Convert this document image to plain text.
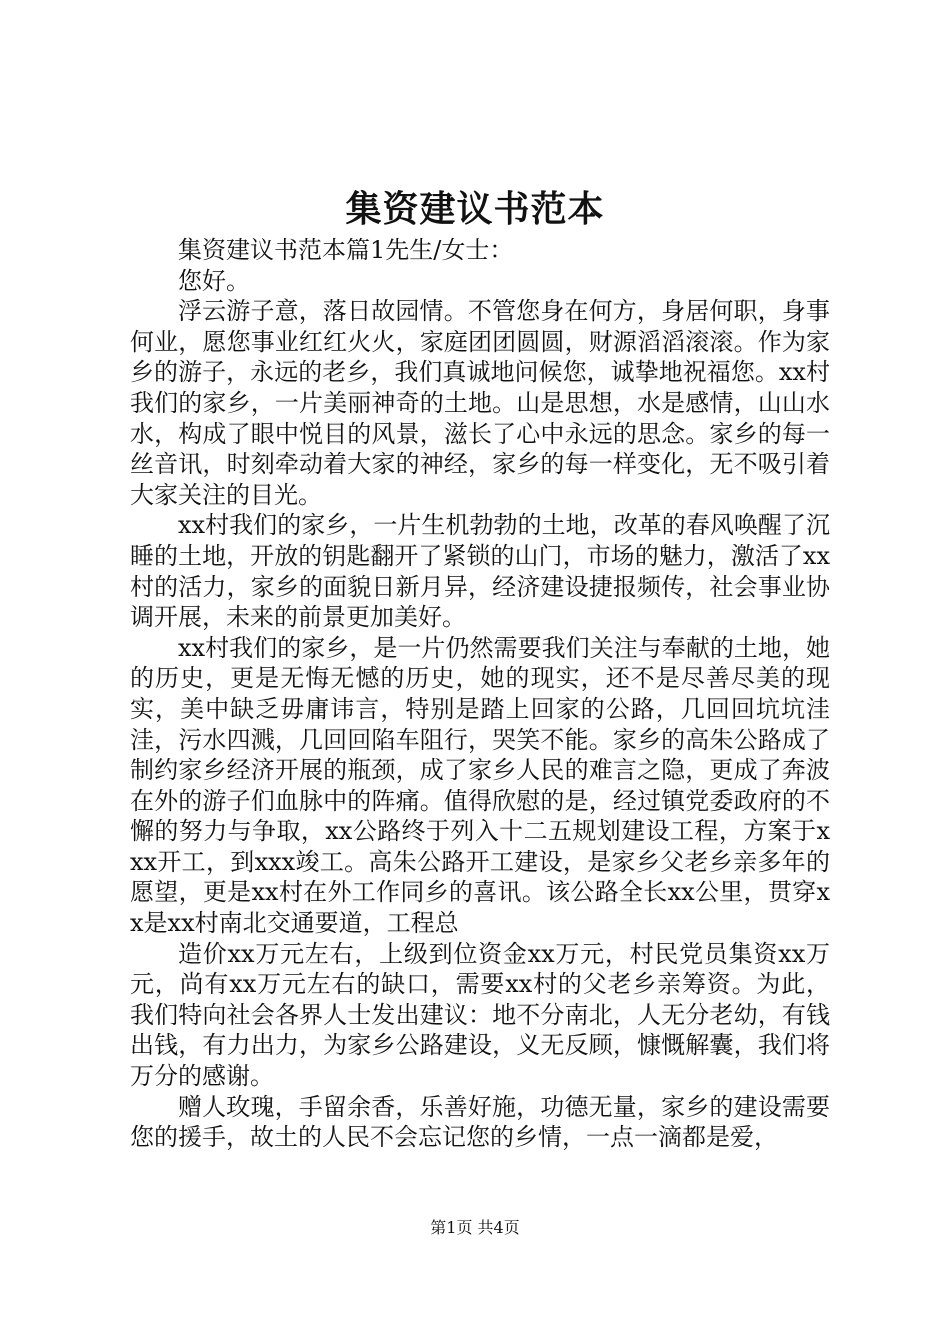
集资建议书范本

集资建议书范本篇1先生/女士：

您好。

浮云游子意，落日故园情。不管您身在何方，身居何职，身事何业，愿您事业红红火火，家庭团团圆圆，财源滔滔滚滚。作为家乡的游子，永远的老乡，我们真诚地问候您，诚挚地祝福您。xx村我们的家乡，一片美丽神奇的土地。山是思想，水是感情，山山水水，构成了眼中悦目的风景，滋长了心中永远的思念。家乡的每一丝音讯，时刻牵动着大家的神经，家乡的每一样变化，无不吸引着大家关注的目光。

xx村我们的家乡，一片生机勃勃的土地，改革的春风唤醒了沉睡的土地，开放的钥匙翻开了紧锁的山门，市场的魅力，激活了xx村的活力，家乡的面貌日新月异，经济建设捷报频传，社会事业协调开展，未来的前景更加美好。

xx村我们的家乡，是一片仍然需要我们关注与奉献的土地，她的历史，更是无悔无憾的历史，她的现实，还不是尽善尽美的现实，美中缺乏毋庸讳言，特别是踏上回家的公路，几回回坑坑洼洼，污水四溅，几回回陷车阻行，哭笑不能。家乡的高朱公路成了制约家乡经济开展的瓶颈，成了家乡人民的难言之隐，更成了奔波在外的游子们血脉中的阵痛。值得欣慰的是，经过镇党委政府的不懈的努力与争取，xx公路终于列入十二五规划建设工程，方案于xxx开工，到xxx竣工。高朱公路开工建设，是家乡父老乡亲多年的愿望，更是xx村在外工作同乡的喜讯。该公路全长xx公里，贯穿xx是xx村南北交通要道，工程总

造价xx万元左右，上级到位资金xx万元，村民党员集资xx万元，尚有xx万元左右的缺口，需要xx村的父老乡亲筹资。为此，我们特向社会各界人士发出建议：地不分南北，人无分老幼，有钱出钱，有力出力，为家乡公路建设，义无反顾，慷慨解囊，我们将万分的感谢。

赠人玫瑰，手留余香，乐善好施，功德无量，家乡的建设需要您的援手，故土的人民不会忘记您的乡情，一点一滴都是爱，

第1页 共4页
